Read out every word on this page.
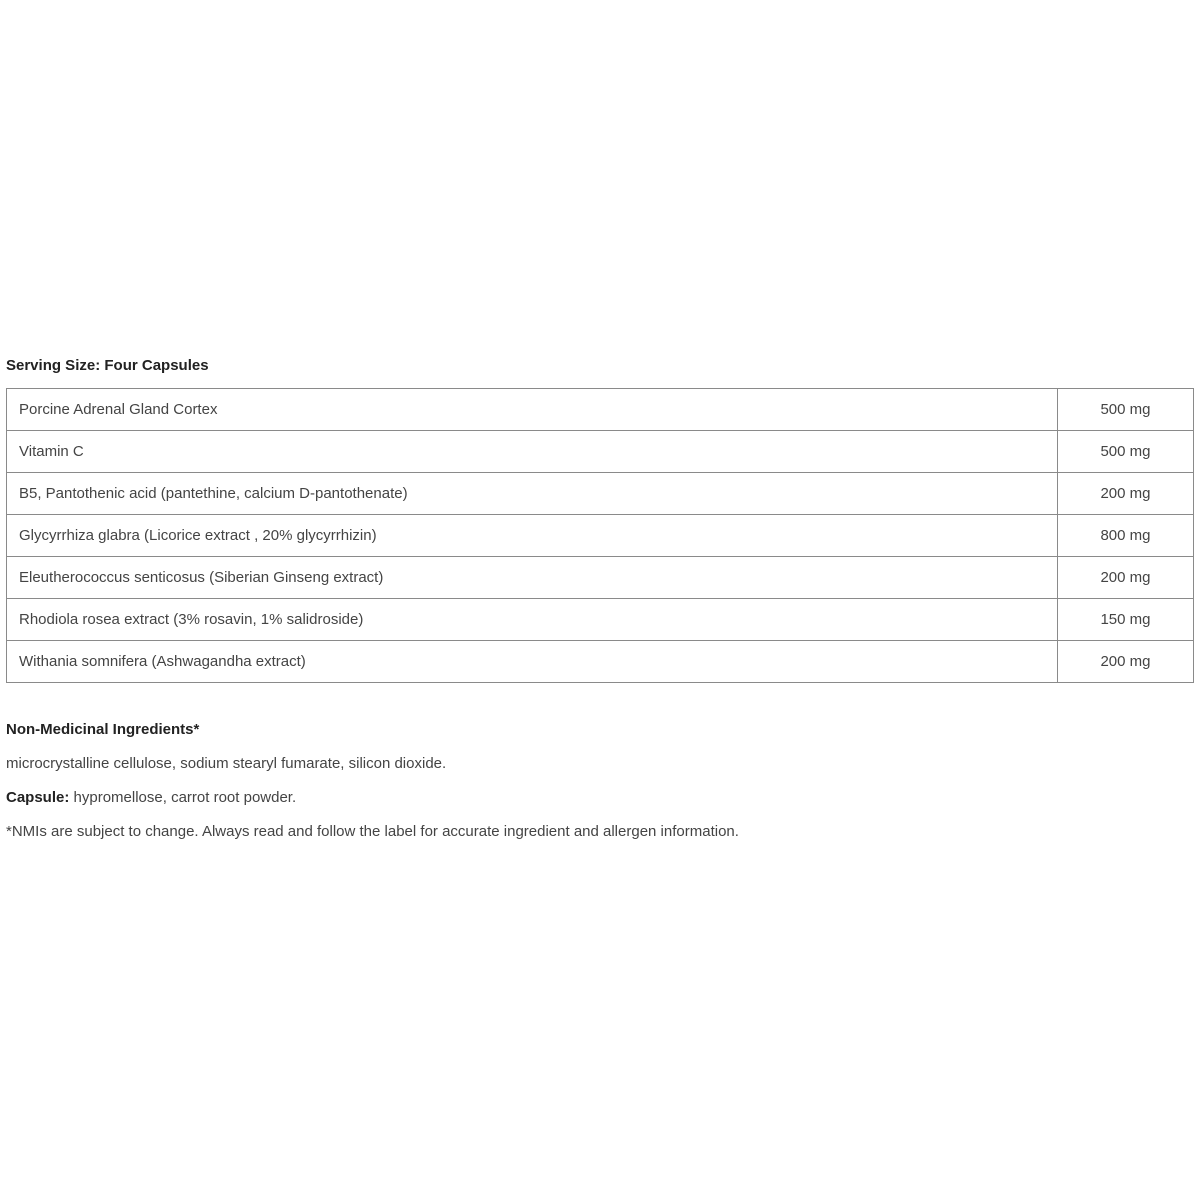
Serving Size: Four Capsules
Porcine Adrenal Gland Cortex	500 mg
Vitamin C	500 mg
B5, Pantothenic acid (pantethine, calcium D-pantothenate)	200 mg
Glycyrrhiza glabra (Licorice extract , 20% glycyrrhizin)	800 mg
Eleutherococcus senticosus (Siberian Ginseng extract)	200 mg
Rhodiola rosea extract (3% rosavin, 1% salidroside)	150 mg
Withania somnifera (Ashwagandha extract)	200 mg
Non-Medicinal Ingredients*
microcrystalline cellulose, sodium stearyl fumarate, silicon dioxide.
Capsule: hypromellose, carrot root powder.
*NMIs are subject to change. Always read and follow the label for accurate ingredient and allergen information.
